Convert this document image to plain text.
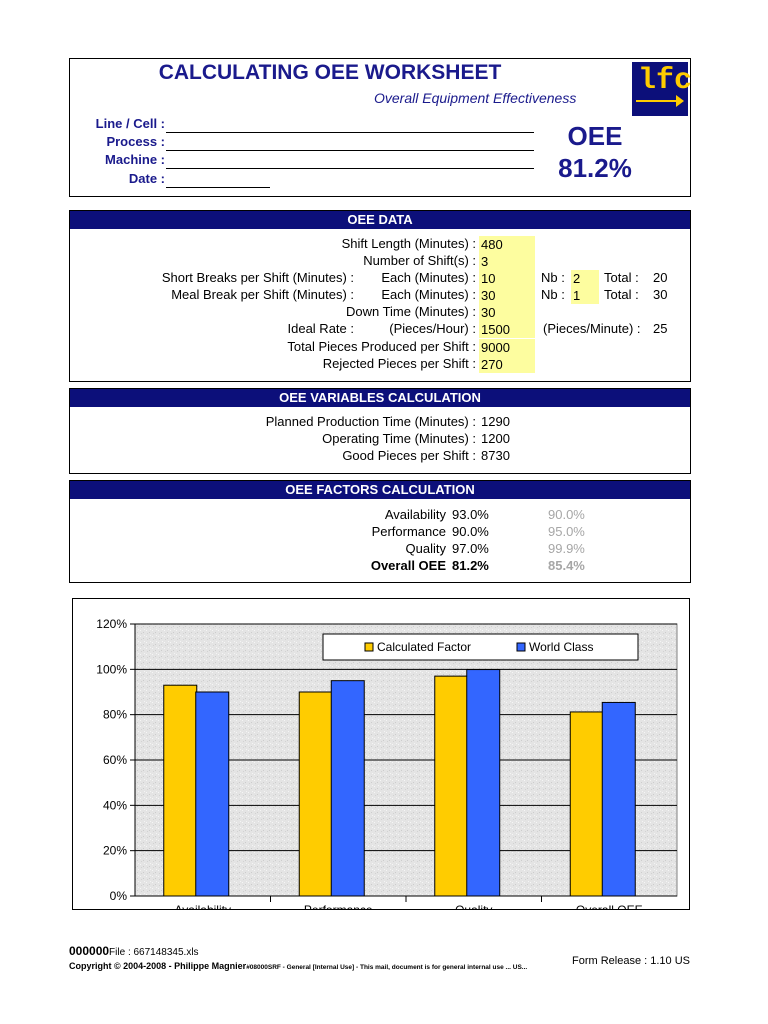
CALCULATING OEE WORKSHEET
Overall Equipment Effectiveness lfc
Line / Cell :
Process :
Machine :
Date :
OEE
81.2%
OEE DATA
Shift Length (Minutes) : 480
Number of Shift(s) : 3
Short Breaks per Shift (Minutes) : Each (Minutes) : 10	Nb : 2	Total : 20
Meal Break per Shift (Minutes) : Each (Minutes) : 30	Nb : 1	Total : 30
Down Time (Minutes) : 30
Ideal Rate :	(Pieces/Hour) : 1500	(Pieces/Minute) : 25
Total Pieces Produced per Shift : 9000
Rejected Pieces per Shift : 270
OEE VARIABLES CALCULATION
Planned Production Time (Minutes) : 1290
Operating Time (Minutes) : 1200
Good Pieces per Shift : 8730
OEE FACTORS CALCULATION
Availability 93.0%	90.0%
Performance 90.0%	95.0%
Quality 97.0%	99.9%
Overall OEE 81.2%	85.4%
0%
20%
40%
60%
80%
100%
120%
Availability	Performance	Quality	Overall OEE
Calculated Factor	World Class
000000File : 667148345.xls
Copyright © 2004-2008 - Philippe Magnier#08000SRF - General [Internal Use] - This mail, document is for general internal use ... US...
Form Release : 1.10 US
